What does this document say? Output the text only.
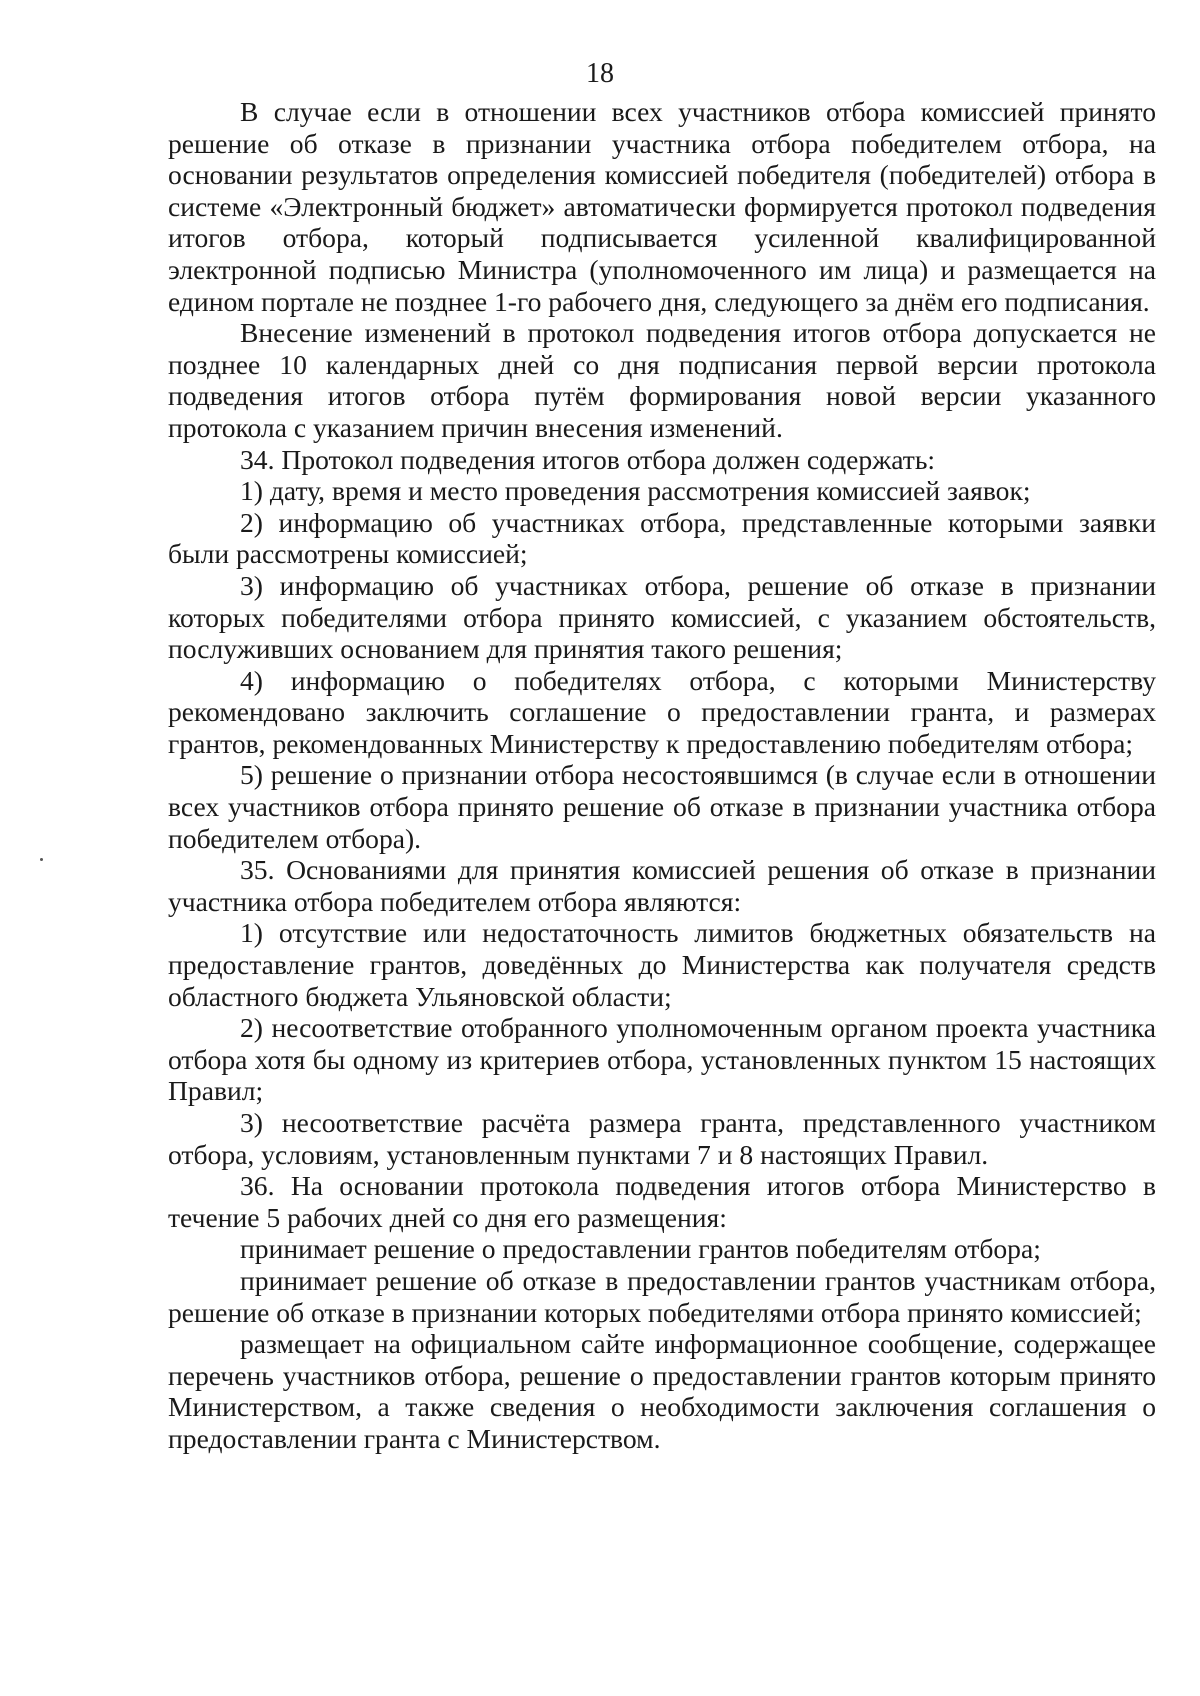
18

В случае если в отношении всех участников отбора комиссией принято решение об отказе в признании участника отбора победителем отбора, на основании результатов определения комиссией победителя (победителей) отбора в системе «Электронный бюджет» автоматически формируется протокол подведения итогов отбора, который подписывается усиленной квалифицированной электронной подписью Министра (уполномоченного им лица) и размещается на едином портале не позднее 1-го рабочего дня, следующего за днём его подписания.

Внесение изменений в протокол подведения итогов отбора допускается не позднее 10 календарных дней со дня подписания первой версии протокола подведения итогов отбора путём формирования новой версии указанного протокола с указанием причин внесения изменений.

34. Протокол подведения итогов отбора должен содержать:

1) дату, время и место проведения рассмотрения комиссией заявок;

2) информацию об участниках отбора, представленные которыми заявки были рассмотрены комиссией;

3) информацию об участниках отбора, решение об отказе в признании которых победителями отбора принято комиссией, с указанием обстоятельств, послуживших основанием для принятия такого решения;

4) информацию о победителях отбора, с которыми Министерству рекомендовано заключить соглашение о предоставлении гранта, и размерах грантов, рекомендованных Министерству к предоставлению победителям отбора;

5) решение о признании отбора несостоявшимся (в случае если в отношении всех участников отбора принято решение об отказе в признании участника отбора победителем отбора).

35. Основаниями для принятия комиссией решения об отказе в признании участника отбора победителем отбора являются:

1) отсутствие или недостаточность лимитов бюджетных обязательств на предоставление грантов, доведённых до Министерства как получателя средств областного бюджета Ульяновской области;

2) несоответствие отобранного уполномоченным органом проекта участника отбора хотя бы одному из критериев отбора, установленных пунктом 15 настоящих Правил;

3) несоответствие расчёта размера гранта, представленного участником отбора, условиям, установленным пунктами 7 и 8 настоящих Правил.

36. На основании протокола подведения итогов отбора Министерство в течение 5 рабочих дней со дня его размещения:

принимает решение о предоставлении грантов победителям отбора;

принимает решение об отказе в предоставлении грантов участникам отбора, решение об отказе в признании которых победителями отбора принято комиссией;

размещает на официальном сайте информационное сообщение, содержащее перечень участников отбора, решение о предоставлении грантов которым принято Министерством, а также сведения о необходимости заключения соглашения о предоставлении гранта с Министерством.
